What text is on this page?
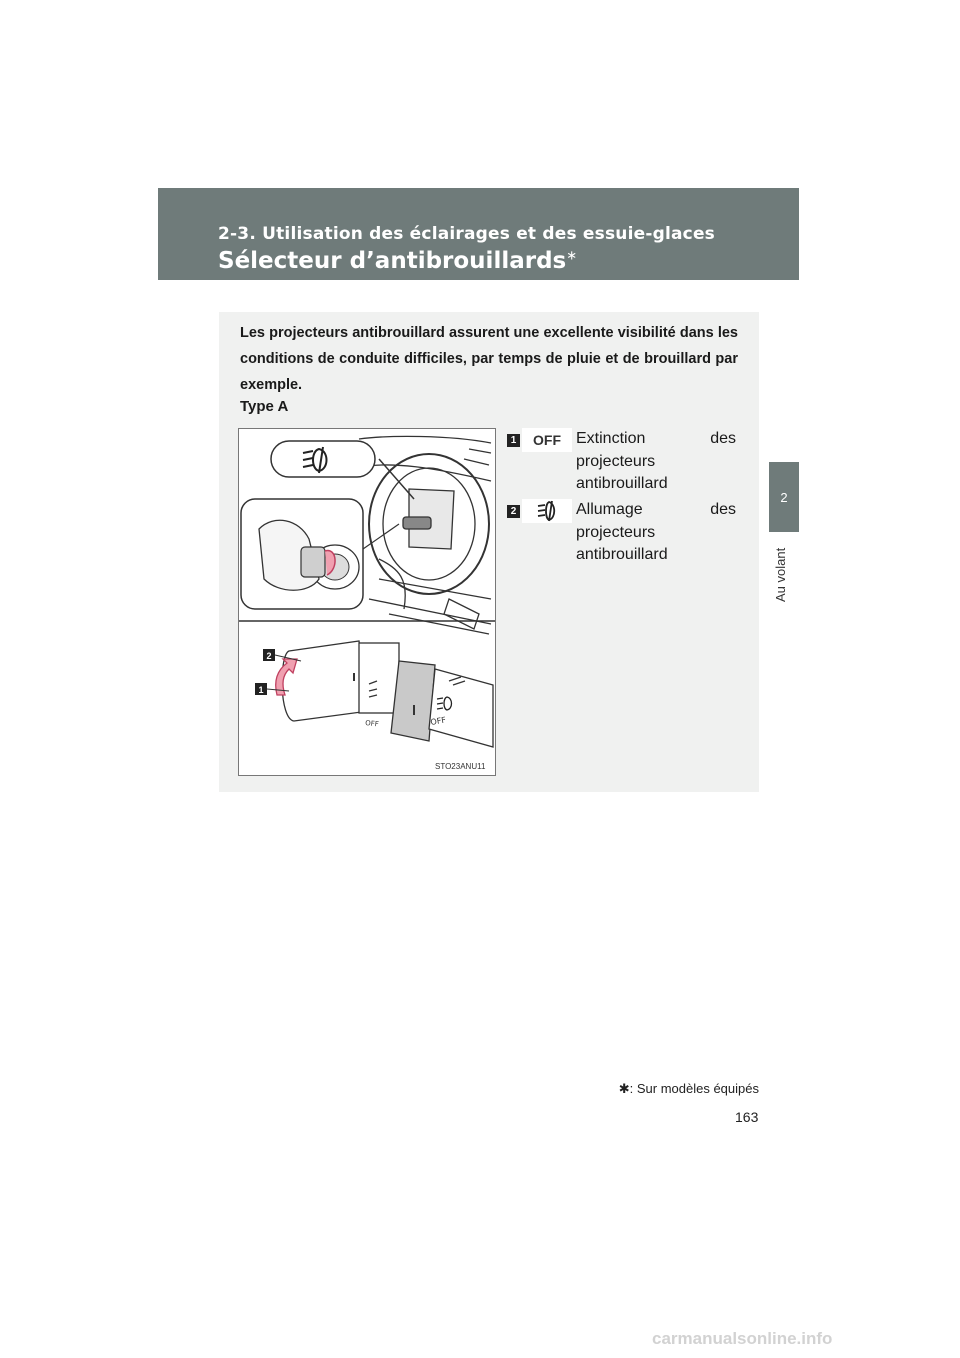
2-3. Utilisation des éclairages et des essuie-glaces
Sélecteur d’antibrouillards∗
2
Au volant

Les projecteurs antibrouillard assurent une excellente visibilité dans les conditions de conduite difficiles, par temps de pluie et de brouillard par exemple.

Type A
OFF
OFF
2
1
STO23ANU11
1	OFF Extinction	des
projecteurs
antibrouillard
2	Allumage	des
projecteurs
antibrouillard
✱: Sur modèles équipés
163
carmanualsonline.info
